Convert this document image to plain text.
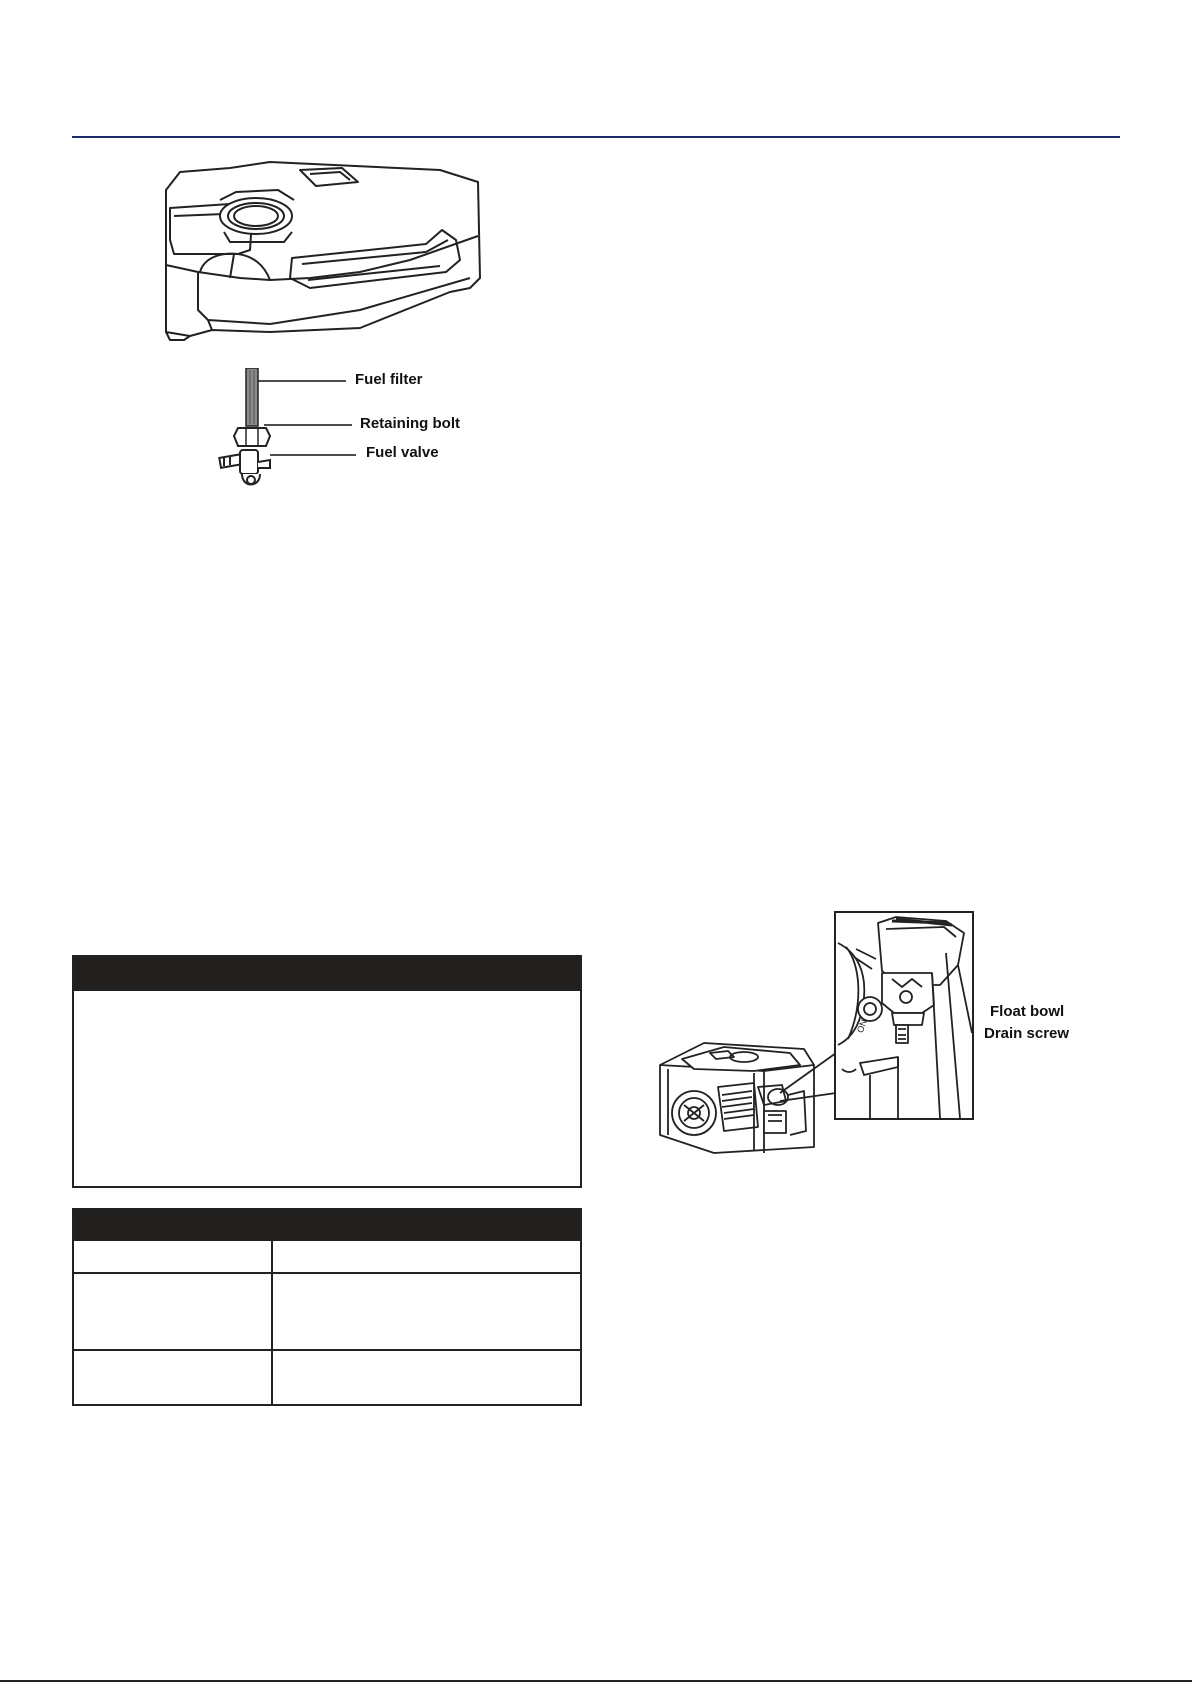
Fuel filter
Retaining bolt
Fuel valve
ON
Float bowl
Drain screw
